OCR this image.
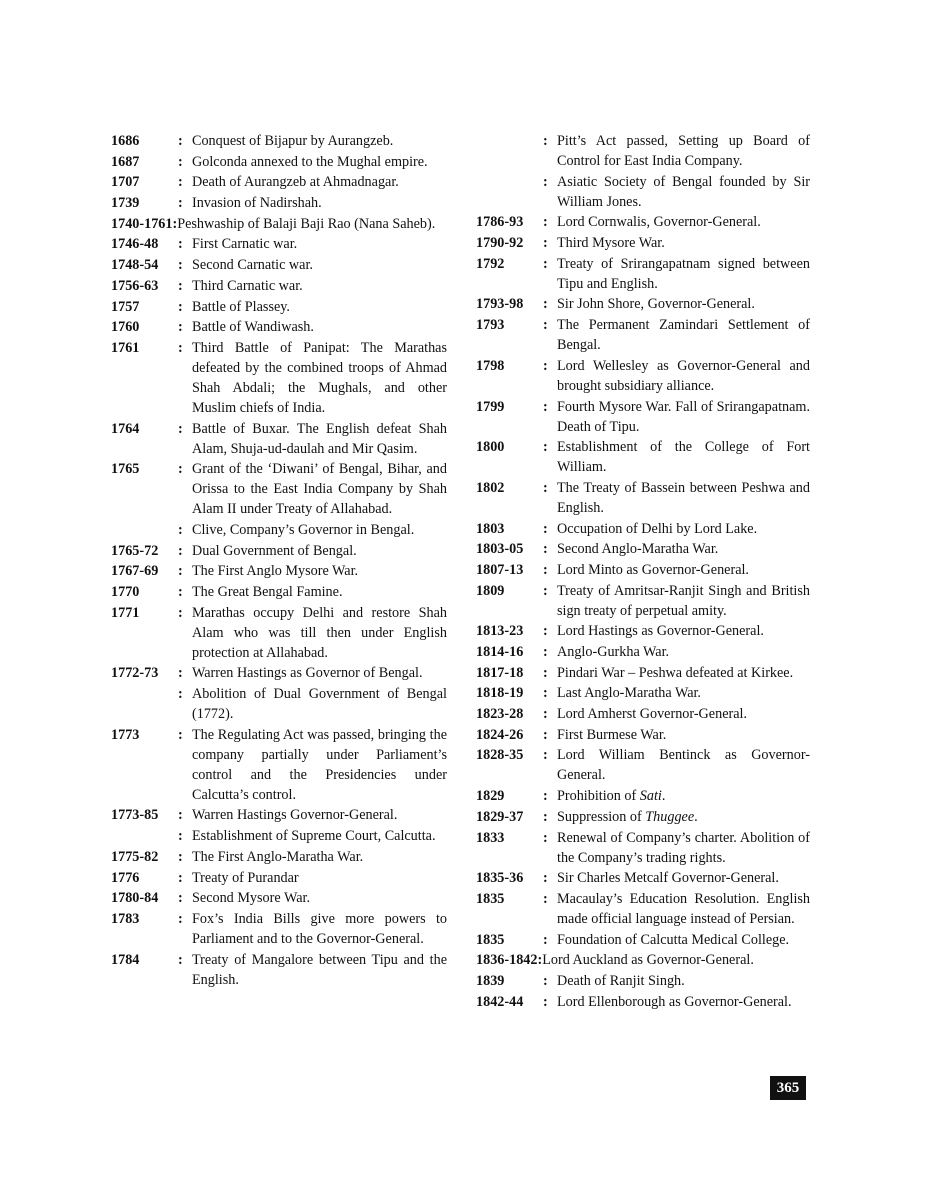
1686	: Conquest of Bijapur by Aurangzeb.
1687	: Golconda annexed to the Mughal empire.
1707	: Death of Aurangzeb at Ahmadnagar.
1739	: Invasion of Nadirshah.
1740-1761: Peshwaship of Balaji Baji Rao (Nana Saheb).
1746-48	: First Carnatic war.
1748-54	: Second Carnatic war.
1756-63	: Third Carnatic war.
1757	: Battle of Plassey.
1760	: Battle of Wandiwash.
1761	: Third Battle of Panipat: The Marathas defeated by the combined troops of Ahmad Shah Abdali; the Mughals, and other Muslim chiefs of India.
1764	: Battle of Buxar. The English defeat Shah Alam, Shuja-ud-daulah and Mir Qasim.
1765	: Grant of the ‘Diwani’ of Bengal, Bihar, and Orissa to the East India Company by Shah Alam II under Treaty of Allahabad.
: Clive, Company’s Governor in Bengal.
1765-72	: Dual Government of Bengal.
1767-69	: The First Anglo Mysore War.
1770	: The Great Bengal Famine.
1771	: Marathas occupy Delhi and restore Shah Alam who was till then under English protection at Allahabad.
1772-73	: Warren Hastings as Governor of Bengal.
: Abolition of Dual Government of Bengal (1772).
1773	: The Regulating Act was passed, bringing the company partially under Parliament’s control and the Presidencies under Calcutta’s control.
1773-85	: Warren Hastings Governor-General.
: Establishment of Supreme Court, Calcutta.
1775-82	: The First Anglo-Maratha War.
1776	: Treaty of Purandar
1780-84	: Second Mysore War.
1783	: Fox’s India Bills give more powers to Parliament and to the Governor-General.
1784	: Treaty of Mangalore between Tipu and the English.
: Pitt’s Act passed, Setting up Board of Control for East India Company.
: Asiatic Society of Bengal founded by Sir William Jones.
1786-93	: Lord Cornwalis, Governor-General.
1790-92	: Third Mysore War.
1792	: Treaty of Srirangapatnam signed between Tipu and English.
1793-98	: Sir John Shore, Governor-General.
1793	: The Permanent Zamindari Settlement of Bengal.
1798	: Lord Wellesley as Governor-General and brought subsidiary alliance.
1799	: Fourth Mysore War. Fall of Srirangapatnam. Death of Tipu.
1800	: Establishment of the College of Fort William.
1802	: The Treaty of Bassein between Peshwa and English.
1803	: Occupation of Delhi by Lord Lake.
1803-05	: Second Anglo-Maratha War.
1807-13	: Lord Minto as Governor-General.
1809	: Treaty of Amritsar-Ranjit Singh and British sign treaty of perpetual amity.
1813-23	: Lord Hastings as Governor-General.
1814-16	: Anglo-Gurkha War.
1817-18	: Pindari War – Peshwa defeated at Kirkee.
1818-19	: Last Anglo-Maratha War.
1823-28	: Lord Amherst Governor-General.
1824-26	: First Burmese War.
1828-35	: Lord William Bentinck as Governor-General.
1829	: Prohibition of Sati.
1829-37	: Suppression of Thuggee.
1833	: Renewal of Company’s charter. Abolition of the Company’s trading rights.
1835-36	: Sir Charles Metcalf Governor-General.
1835	: Macaulay’s Education Resolution. English made official language instead of Persian.
1835	: Foundation of Calcutta Medical College.
1836-1842: Lord Auckland as Governor-General.
1839	: Death of Ranjit Singh.
1842-44	: Lord Ellenborough as Governor-General.
365
